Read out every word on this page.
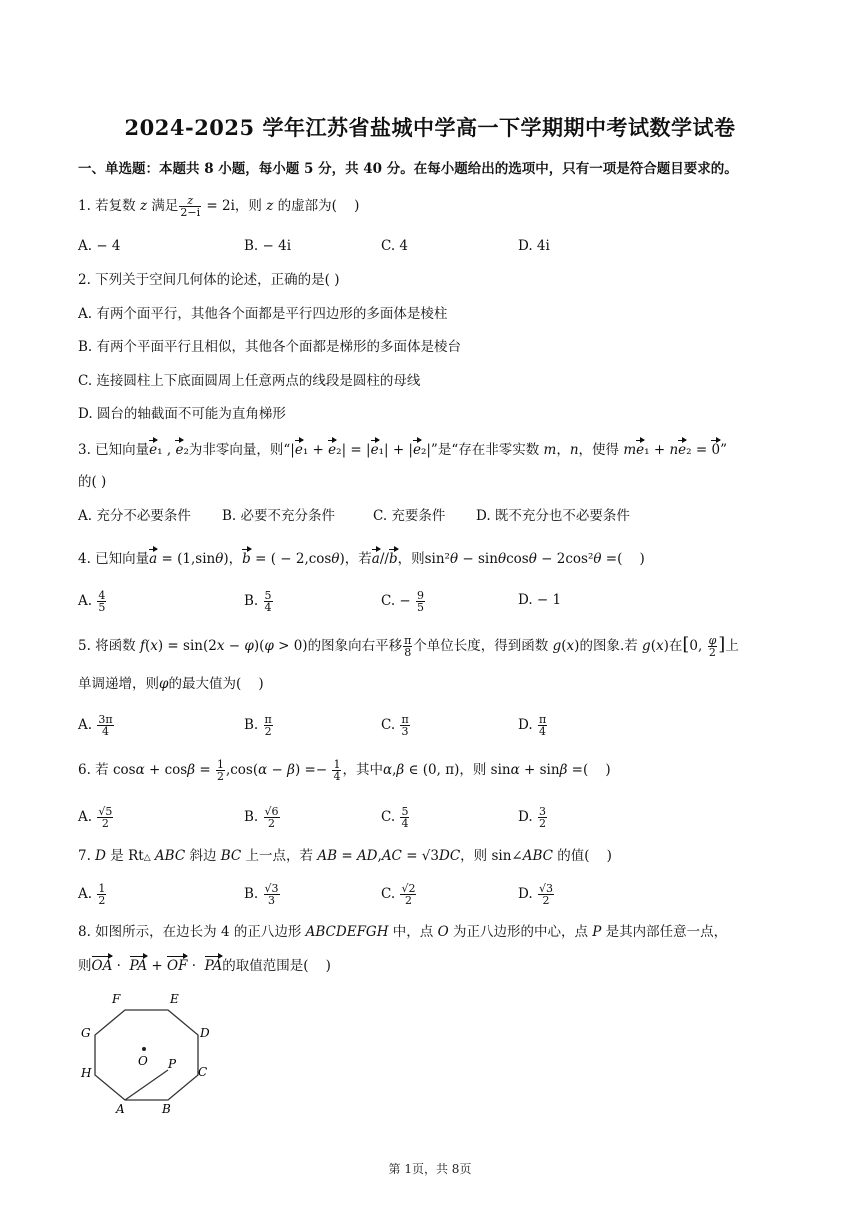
2024-2025 学年江苏省盐城中学高一下学期期中考试数学试卷
一、单选题：本题共 8 小题，每小题 5 分，共 40 分。在每小题给出的选项中，只有一项是符合题目要求的。
1. 若复数 z 满足 $\frac{z}{2-i} = 2i$，则 z 的虚部为(    )
A. − 4	B. − 4i	C. 4	D. 4i
2. 下列关于空间几何体的论述，正确的是( )
A. 有两个面平行，其他各个面都是平行四边形的多面体是棱柱
B. 有两个平面平行且相似，其他各个面都是梯形的多面体是棱台
C. 连接圆柱上下底面圆周上任意两点的线段是圆柱的母线
D. 圆台的轴截面不可能为直角梯形
3. 已知向量e₁ , e₂为非零向量，则“|e₁ + e₂| = |e₁| + |e₂|”是“存在非零实数 m，n，使得 me₁ + ne₂ = 0”
的( )
A. 充分不必要条件 B. 必要不充分条件	C. 充要条件 D. 既不充分也不必要条件
4. 已知向量a = (1,sinθ)，b = ( − 2,cosθ)，若a//b，则sin²θ − sinθcosθ − 2cos²θ =(    )
A. $\frac{4}{5}$	B. $\frac{5}{4}$	C. − $\frac{9}{5}$	D. − 1
5. 将函数 f(x) = sin(2x − φ)(φ > 0)的图象向右平移 $\frac{\pi}{8}$ 个单位长度，得到函数 g(x)的图象.若 g(x)在[0, $\frac{\varphi}{2}$ ]上
单调递增，则φ的最大值为(    )
A. $\frac{3\pi}{4}$	B. $\frac{\pi}{2}$	C. $\frac{\pi}{3}$	D. $\frac{\pi}{4}$
6. 若 $\cos\alpha + \cos\beta = \frac{1}{2} ,\cos(\alpha - \beta) =- \frac{1}{4}$ ，其中α,β ∈ (0, π)，则 sinα + sinβ =(    )
A. $\frac{√5}{2}$	B. $\frac{√6}{2}$	C. $\frac{5}{4}$	D. $\frac{3}{2}$
7. D 是 Rt△ ABC 斜边 BC 上一点，若 AB = AD,AC = √3DC，则 sin∠ABC 的值(    )
A. $\frac{1}{2}$	B. $\frac{√3}{3}$	C. $\frac{√2}{2}$	D. $\frac{√3}{2}$
8. 如图所示，在边长为 4 的正八边形 ABCDEFGH 中，点 O 为正八边形的中心，点 P 是其内部任意一点，
则OA ·  PA + OF ·  PA的取值范围是(    )
F	E
G	D
O P
H	C
A	B
第 1页，共 8页
